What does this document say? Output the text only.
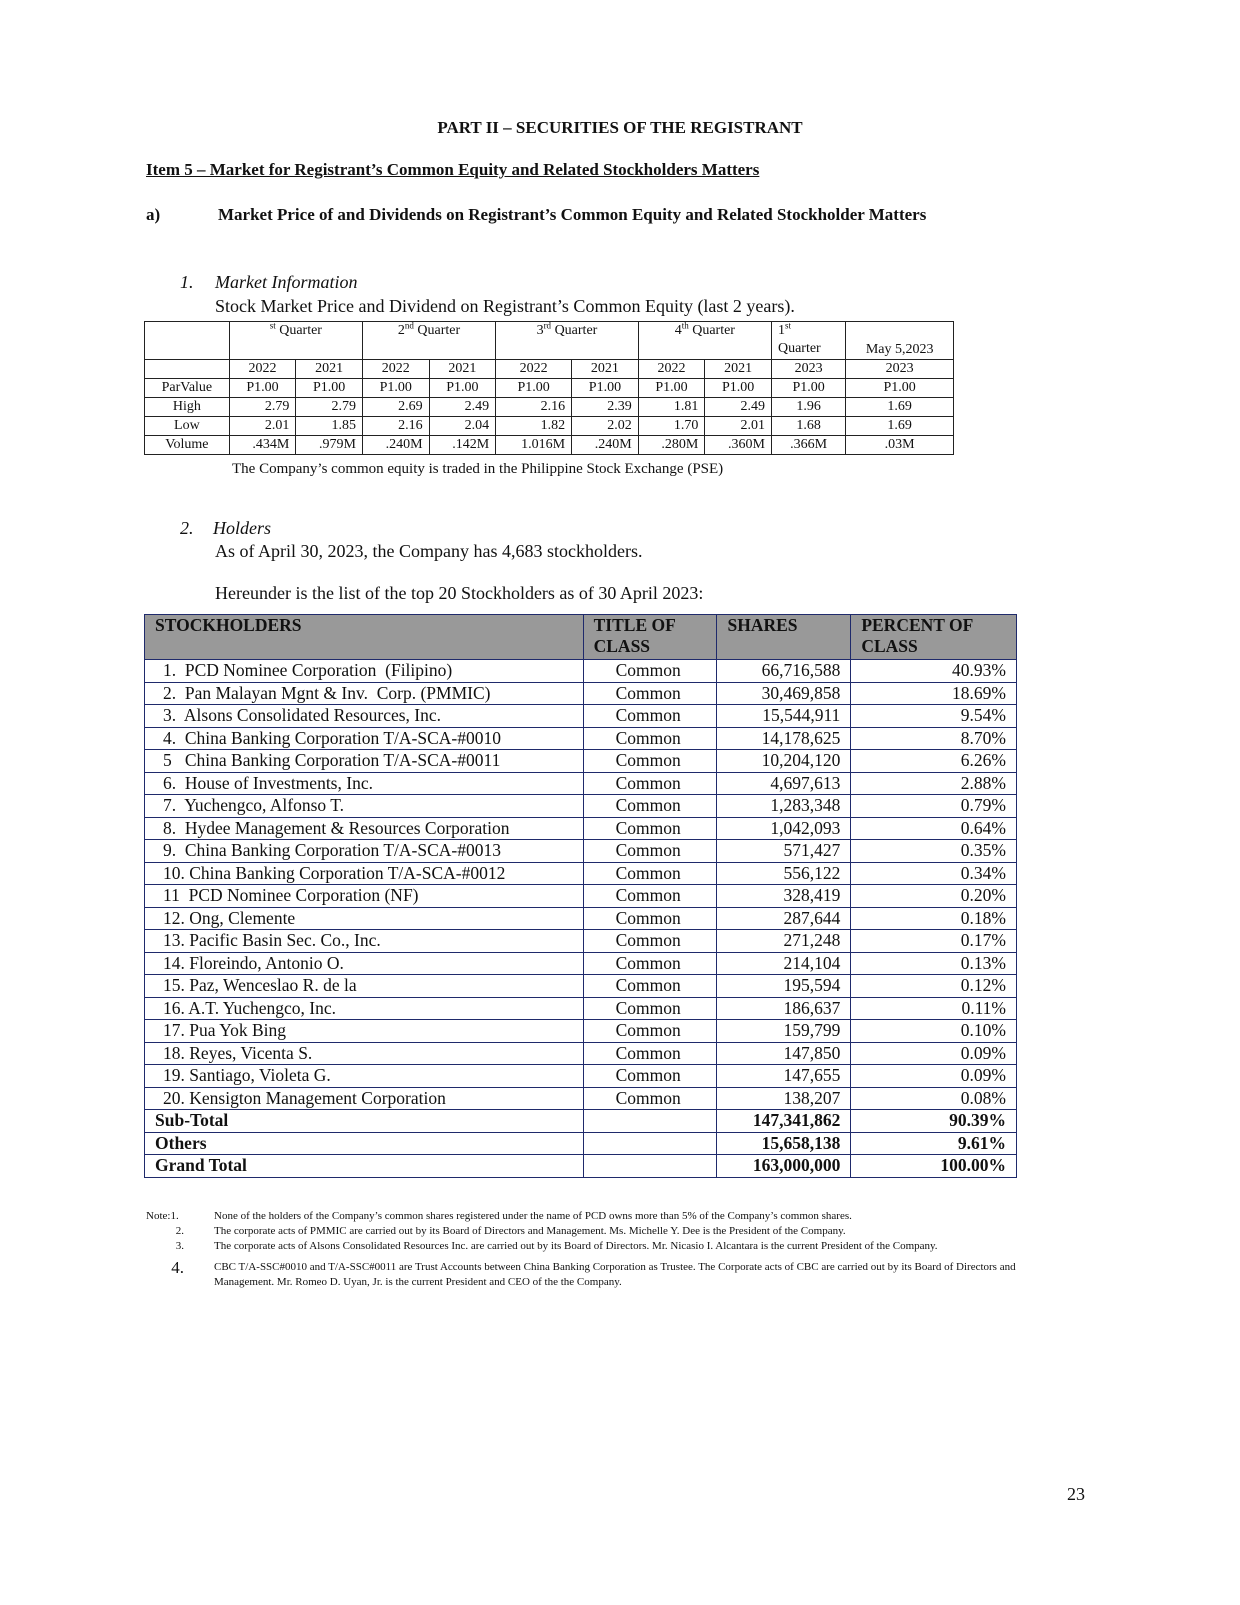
PART II – SECURITIES OF THE REGISTRANT
Item 5 – Market for Registrant’s Common Equity and Related Stockholders Matters
a)	Market Price of and Dividends on Registrant’s Common Equity and Related Stockholder Matters
1. Market Information
Stock Market Price and Dividend on Registrant’s Common Equity (last 2 years).
	$^{st}$ Quarter		2nd Quarter		3rd Quarter		4th Quarter		1st
Quarter	May 5,2023
	2022	2021	2022	2021	2022	2021	2022	2021	2023	2023
ParValue	P1.00	P1.00	P1.00	P1.00	P1.00	P1.00	P1.00	P1.00	P1.00	P1.00
High	2.79	2.79	2.69	2.49	2.16	2.39	1.81	2.49	1.96	1.69
Low	2.01	1.85	2.16	2.04	1.82	2.02	1.70	2.01	1.68	1.69
Volume	.434M	.979M	.240M	.142M	1.016M	.240M	.280M	.360M	.366M	.03M
The Company’s common equity is traded in the Philippine Stock Exchange (PSE)
2. Holders
As of April 30, 2023, the Company has 4,683 stockholders.
Hereunder is the list of the top 20 Stockholders as of 30 April 2023:
STOCKHOLDERS	TITLE OF CLASS	SHARES	PERCENT OF CLASS
1.  PCD Nominee Corporation  (Filipino)	Common	66,716,588	40.93%
2.  Pan Malayan Mgnt & Inv.  Corp. (PMMIC)	Common	30,469,858	18.69%
3.  Alsons Consolidated Resources, Inc.	Common	15,544,911	9.54%
4.  China Banking Corporation T/A-SCA-#0010	Common	14,178,625	8.70%
5   China Banking Corporation T/A-SCA-#0011	Common	10,204,120	6.26%
6.  House of Investments, Inc.	Common	4,697,613	2.88%
7.  Yuchengco, Alfonso T.	Common	1,283,348	0.79%
8.  Hydee Management & Resources Corporation	Common	1,042,093	0.64%
9.  China Banking Corporation T/A-SCA-#0013	Common	571,427	0.35%
10. China Banking Corporation T/A-SCA-#0012	Common	556,122	0.34%
11  PCD Nominee Corporation (NF)	Common	328,419	0.20%
12. Ong, Clemente	Common	287,644	0.18%
13. Pacific Basin Sec. Co., Inc.	Common	271,248	0.17%
14. Floreindo, Antonio O.	Common	214,104	0.13%
15. Paz, Wenceslao R. de la	Common	195,594	0.12%
16. A.T. Yuchengco, Inc.	Common	186,637	0.11%
17. Pua Yok Bing	Common	159,799	0.10%
18. Reyes, Vicenta S.	Common	147,850	0.09%
19. Santiago, Violeta G.	Common	147,655	0.09%
20. Kensigton Management Corporation	Common	138,207	0.08%
Sub-Total		147,341,862	90.39%
Others		15,658,138	9.61%
Grand Total		163,000,000	100.00%
Note:1.	None of the holders of the Company’s common shares registered under the name of PCD owns more than 5% of the Company’s common shares.
2.	The corporate acts of PMMIC are carried out by its Board of Directors and Management. Ms. Michelle Y. Dee is the President of the Company.
3.	The corporate acts of Alsons Consolidated Resources Inc. are carried out by its Board of Directors. Mr. Nicasio I. Alcantara is the current President of the Company.
4.	CBC T/A-SSC#0010 and T/A-SSC#0011 are Trust Accounts between China Banking Corporation as Trustee. The Corporate acts of CBC are carried out by its Board of Directors and Management. Mr. Romeo D. Uyan, Jr. is the current President and CEO of the the Company.
23
